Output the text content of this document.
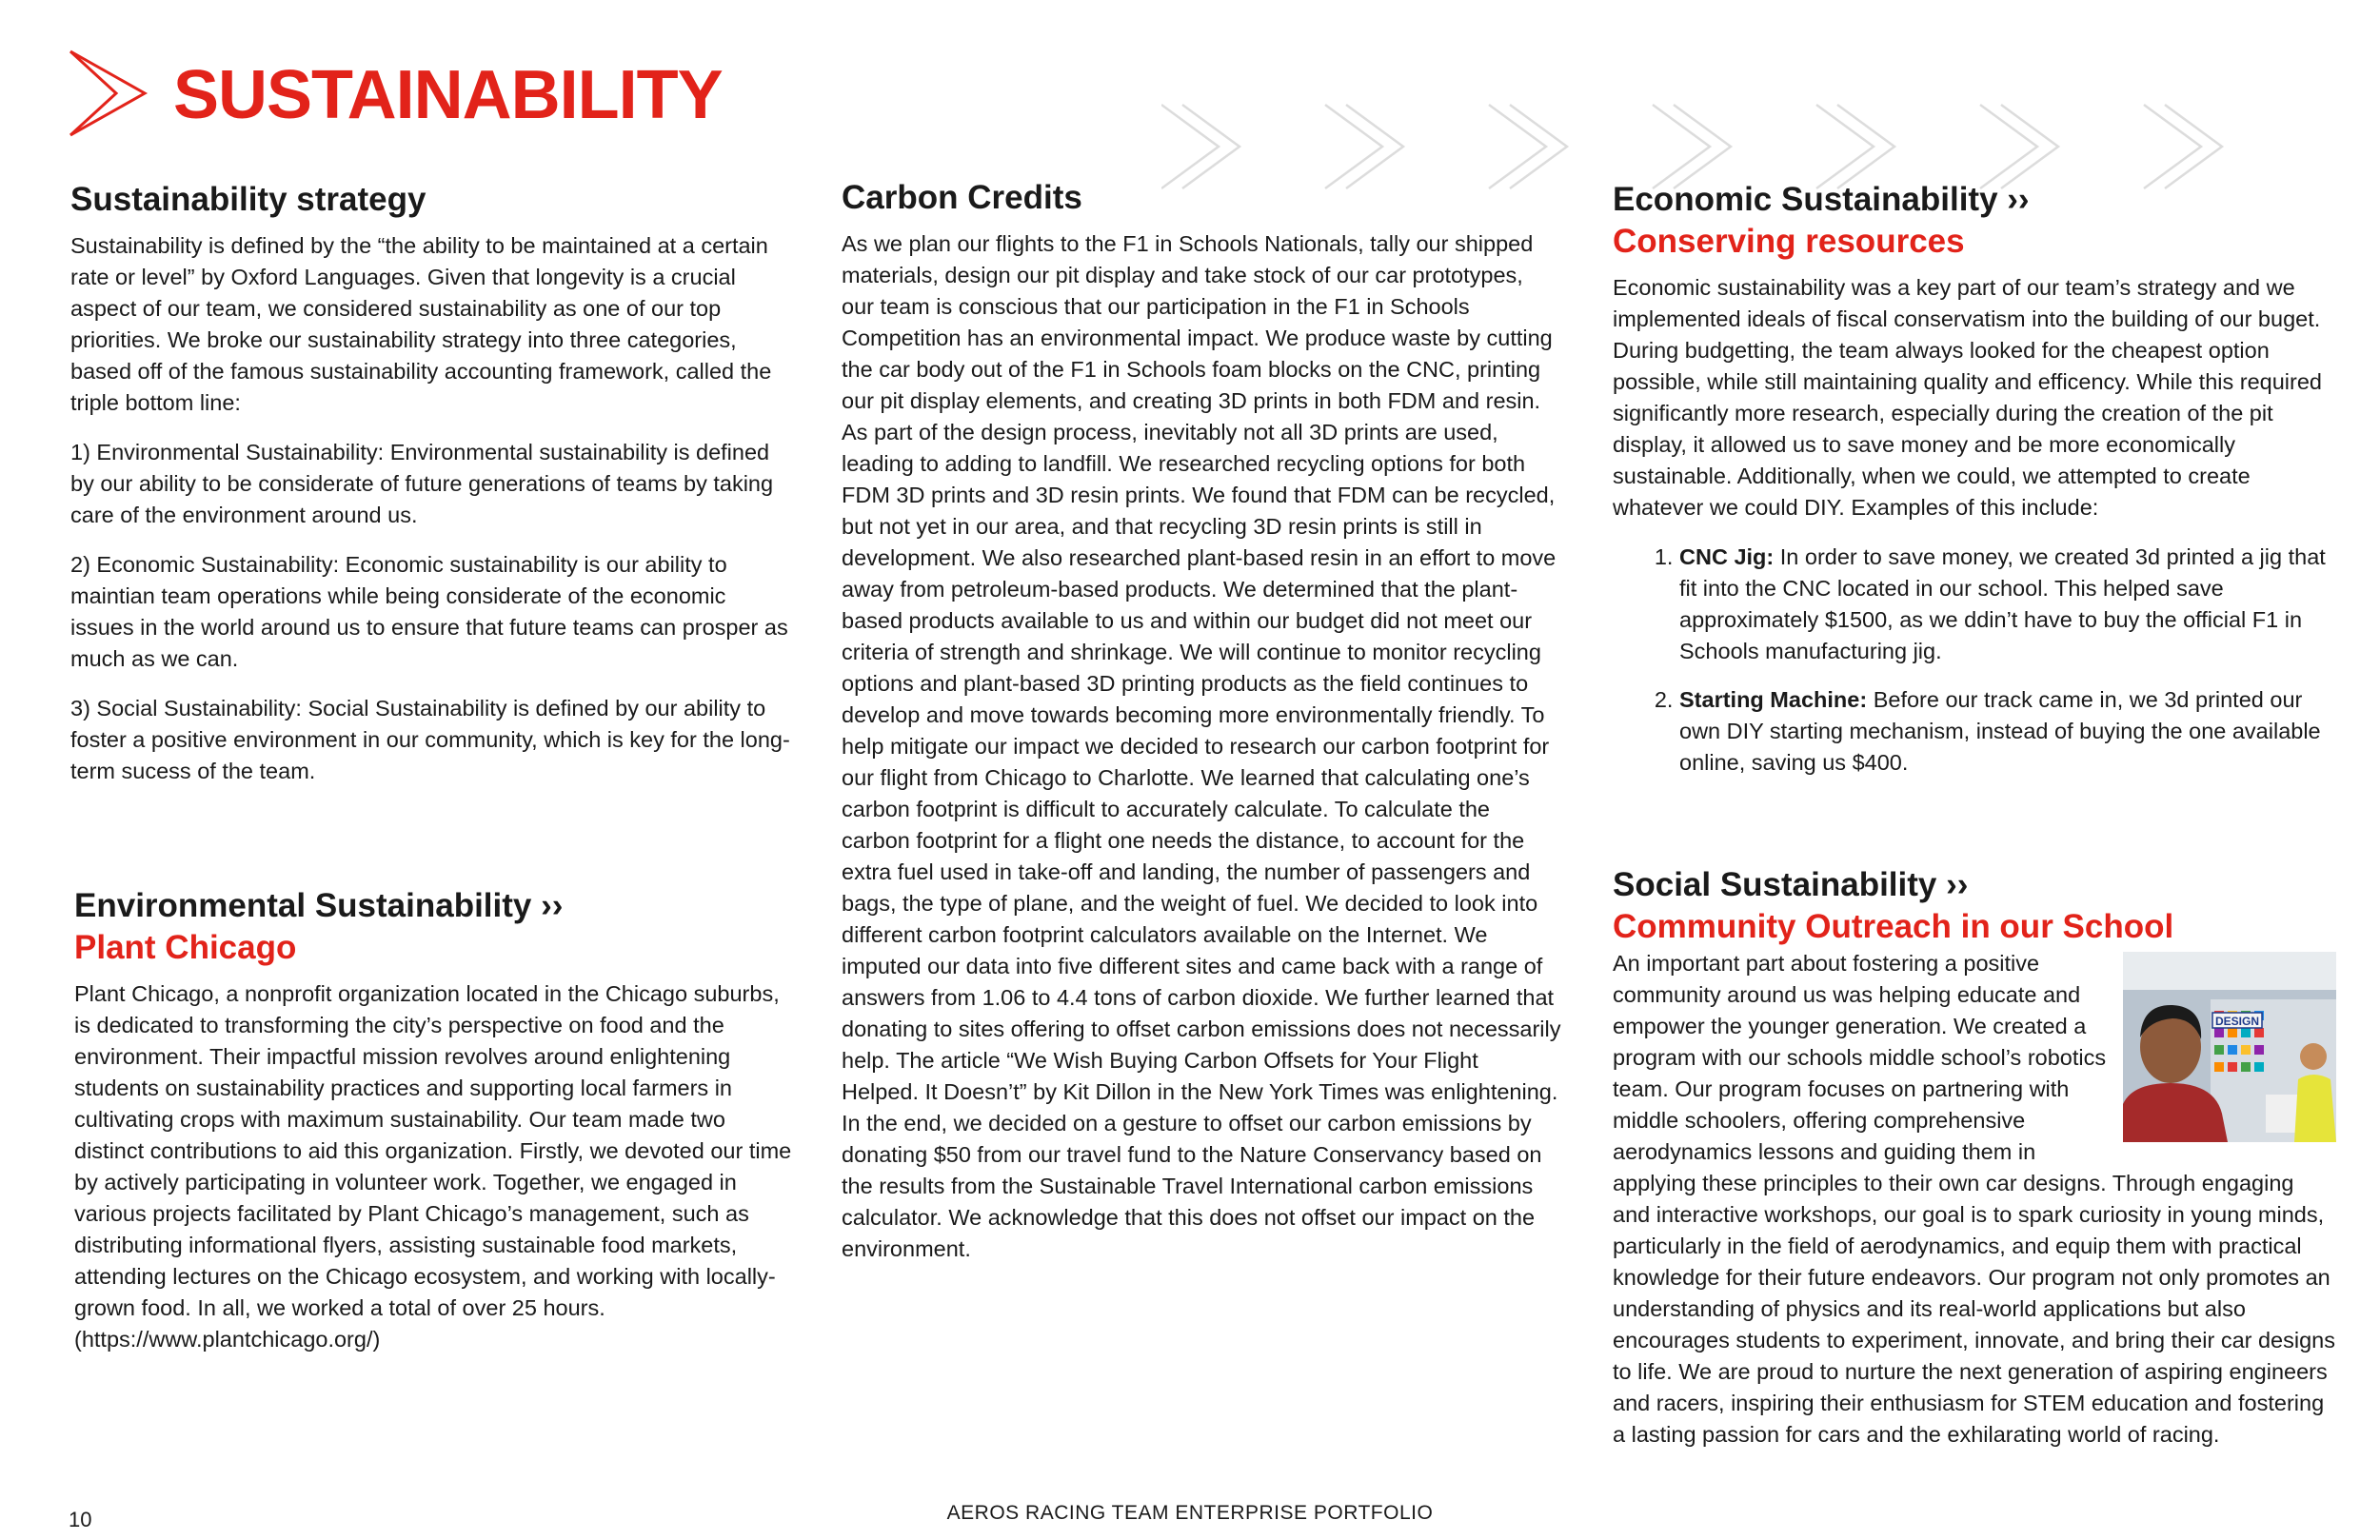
SUSTAINABILITY
Sustainability strategy

Sustainability is defined by the “the ability to be maintained at a certain rate or level” by Oxford Languages. Given that longevity is a crucial aspect of our team, we considered sustainability as one of our top priorities. We broke our sustainability strategy into three categories, based off of the famous sustainability accounting framework, called the triple bottom line:

1) Environmental Sustainability: Environmental sustainability is defined by our ability to be considerate of future generations of teams by taking care of the environment around us.

2) Economic Sustainability: Economic sustainability is our ability to maintian team operations while being considerate of the economic issues in the world around us to ensure that future teams can prosper as much as we can.

3) Social Sustainability: Social Sustainability is defined by our ability to foster a positive environment in our community, which is key for the long-term sucess of the team.

Environmental Sustainability ››
Plant Chicago

Plant Chicago, a nonprofit organization located in the Chicago suburbs, is dedicated to transforming the city’s perspective on food and the environment. Their impactful mission revolves around enlightening students on sustainability practices and supporting local farmers in cultivating crops with maximum sustainability. Our team made two distinct contributions to aid this organization. Firstly, we devoted our time by actively participating in volunteer work. Together, we engaged in various projects facilitated by Plant Chicago’s management, such as distributing informational flyers, assisting sustainable food markets, attending lectures on the Chicago ecosystem, and working with locally-grown food. In all, we worked a total of over 25 hours. (https://www.plantchicago.org/)

Carbon Credits

As we plan our flights to the F1 in Schools Nationals, tally our shipped materials, design our pit display and take stock of our car prototypes, our team is conscious that our participation in the F1 in Schools Competition has an environmental impact. We produce waste by cutting the car body out of the F1 in Schools foam blocks on the CNC, printing our pit display elements, and creating 3D prints in both FDM and resin. As part of the design process, inevitably not all 3D prints are used, leading to adding to landfill. We researched recycling options for both FDM 3D prints and 3D resin prints. We found that FDM can be recycled, but not yet in our area, and that recycling 3D resin prints is still in development. We also researched plant-based resin in an effort to move away from petroleum-based products. We determined that the plant-based products available to us and within our budget did not meet our criteria of strength and shrinkage. We will continue to monitor recycling options and plant-based 3D printing products as the field continues to develop and move towards becoming more environmentally friendly. To help mitigate our impact we decided to research our carbon footprint for our flight from Chicago to Charlotte. We learned that calculating one’s carbon footprint is difficult to accurately calculate. To calculate the carbon footprint for a flight one needs the distance, to account for the extra fuel used in take-off and landing, the number of passengers and bags, the type of plane, and the weight of fuel. We decided to look into different carbon footprint calculators available on the Internet. We imputed our data into five different sites and came back with a range of answers from 1.06 to 4.4 tons of carbon dioxide. We further learned that donating to sites offering to offset carbon emissions does not necessarily help. The article “We Wish Buying Carbon Offsets for Your Flight Helped. It Doesn’t” by Kit Dillon in the New York Times was enlightening. In the end, we decided on a gesture to offset our carbon emissions by donating $50 from our travel fund to the Nature Conservancy based on the results from the Sustainable Travel International carbon emissions calculator. We acknowledge that this does not offset our impact on the environment.

Economic Sustainability ››
Conserving resources

Economic sustainability was a key part of our team’s strategy and we implemented ideals of fiscal conservatism into the building of our buget. During budgetting, the team always looked for the cheapest option possible, while still maintaining quality and efficency. While this required significantly more research, especially during the creation of the pit display, it allowed us to save money and be more economically sustainable. Additionally, when we could, we attempted to create whatever we could DIY. Examples of this include:

1. CNC Jig: In order to save money, we created 3d printed a jig that fit into the CNC located in our school. This helped save approximately $1500, as we ddin’t have to buy the official F1 in Schools manufacturing jig.
2. Starting Machine: Before our track came in, we 3d printed our own DIY starting mechanism, instead of buying the one available online, saving us $400.
Social Sustainability ››
Community Outreach in our School
DESIGN

An important part about fostering a positive community around us was helping educate and empower the younger generation. We created a program with our schools middle school’s robotics team. Our program focuses on partnering with middle schoolers, offering comprehensive aerodynamics lessons and guiding them in applying these principles to their own car designs. Through engaging and interactive workshops, our goal is to spark curiosity in young minds, particularly in the field of aerodynamics, and equip them with practical knowledge for their future endeavors. Our program not only promotes an understanding of physics and its real-world applications but also encourages students to experiment, innovate, and bring their car designs to life. We are proud to nurture the next generation of aspiring engineers and racers, inspiring their enthusiasm for STEM education and fostering a lasting passion for cars and the exhilarating world of racing.

10	AEROS RACING TEAM ENTERPRISE PORTFOLIO
